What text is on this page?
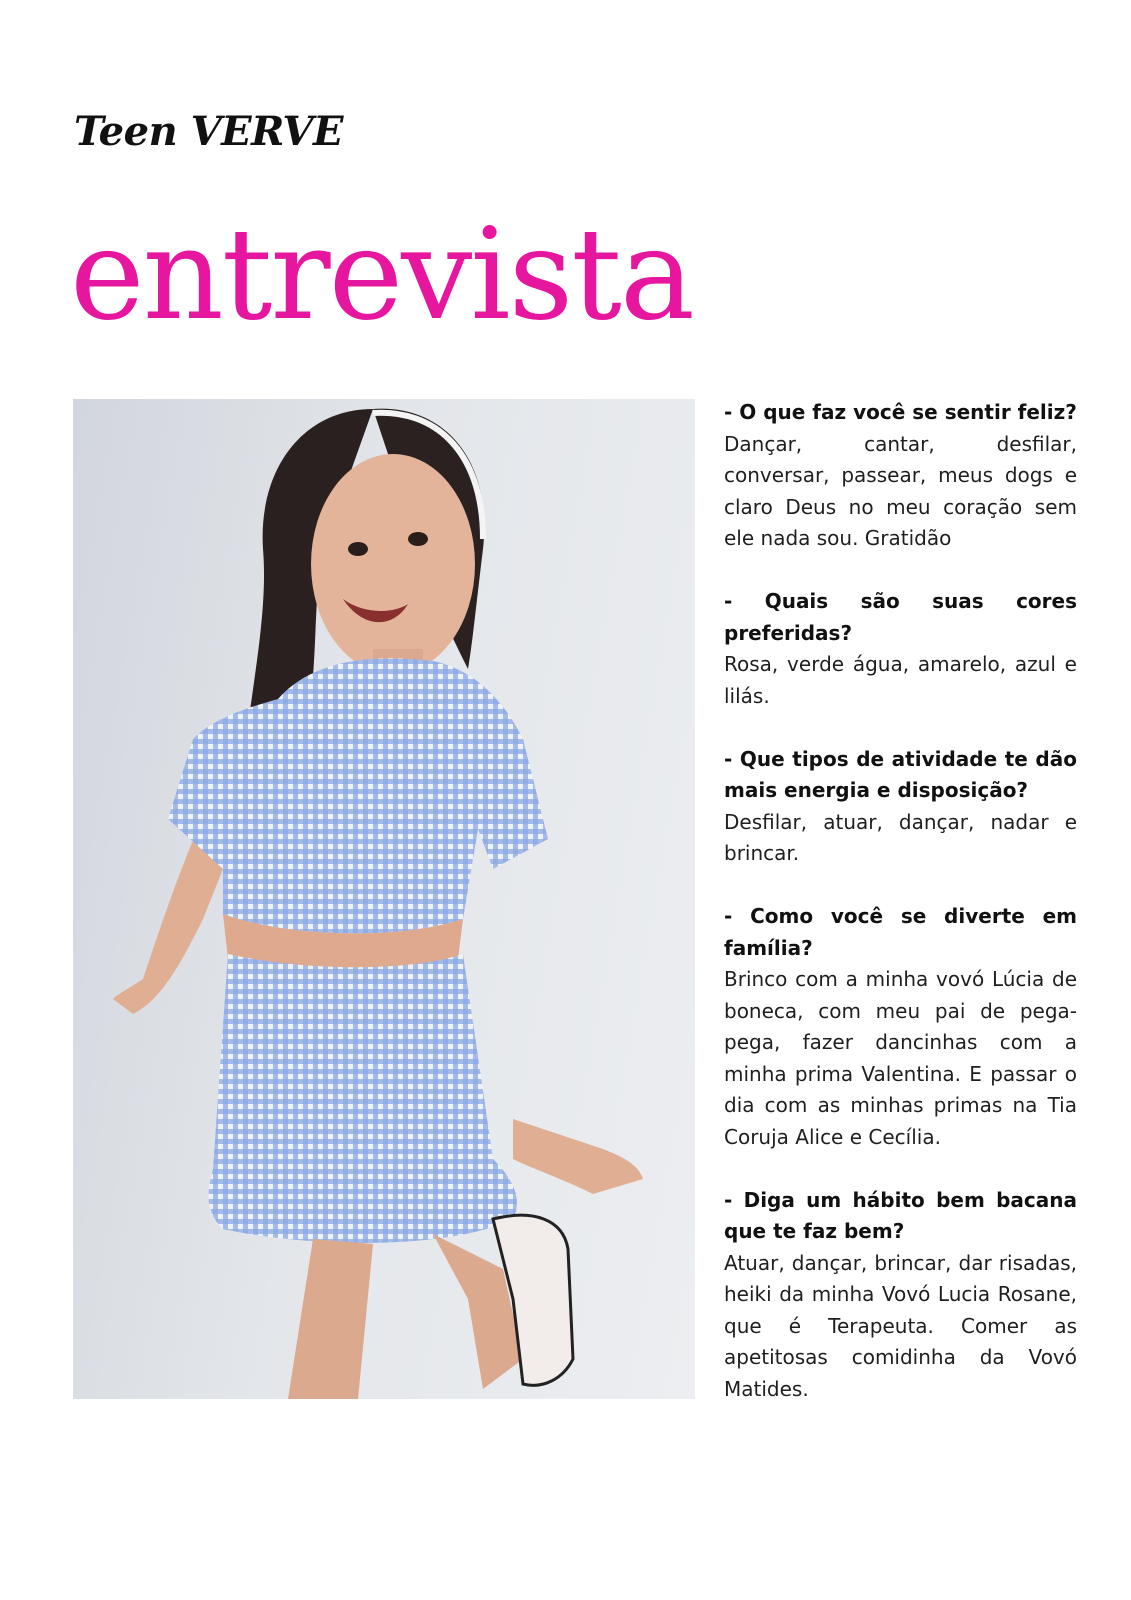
Teen VERVE
entrevista
- O que faz você se sentir feliz?
Dançar, cantar, desfilar, conversar, passear, meus dogs e claro Deus no meu coração sem ele nada sou. Gratidão
- Quais são suas cores preferidas?
Rosa, verde água, amarelo, azul e lilás.
- Que tipos de atividade te dão mais energia e disposição?
Desfilar, atuar, dançar, nadar e brincar.
- Como você se diverte em família?
Brinco com a minha vovó Lúcia de boneca, com meu pai de pega-pega, fazer dancinhas com a minha prima Valentina. E passar o dia com as minhas primas na Tia Coruja Alice e Cecília.
- Diga um hábito bem bacana que te faz bem?
Atuar, dançar, brincar, dar risadas, heiki da minha Vovó Lucia Rosane, que é Terapeuta. Comer as apetitosas comidinha da Vovó Matides.
